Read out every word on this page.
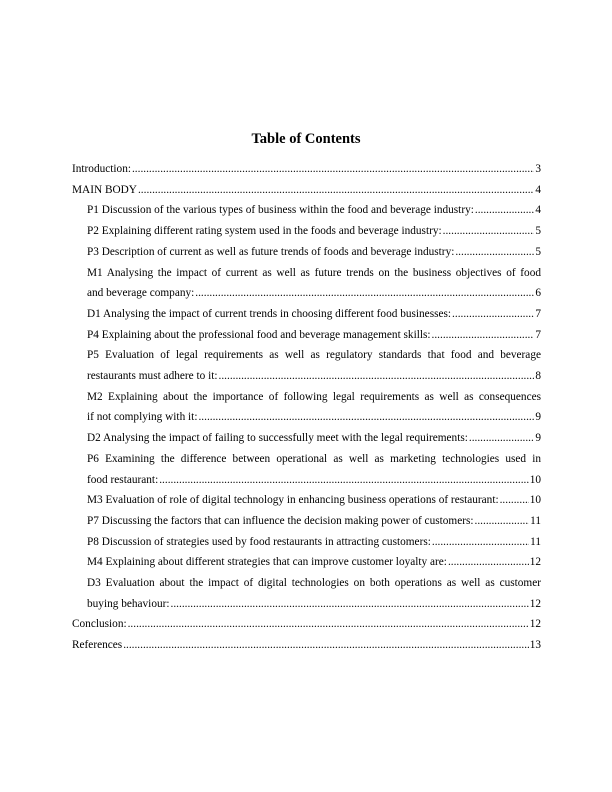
Table of Contents
Introduction: .....	3
MAIN BODY .....	4
P1 Discussion of the various types of business within the food and beverage industry: .....	4
P2 Explaining different rating system used in the foods and beverage industry: .....	5
P3 Description of current as well as future trends of foods and beverage industry: .....	5
M1 Analysing the impact of current as well as future trends on the business objectives of food
and beverage company: .....	6
D1 Analysing the impact of current trends in choosing different food businesses: .....	7
P4 Explaining about the professional food and beverage management skills: .....	7
P5 Evaluation of legal requirements as well as regulatory standards that food and beverage
restaurants must adhere to it: .....	8
M2 Explaining about the importance of following legal requirements as well as consequences
if not complying with it: .....	9
D2 Analysing the impact of failing to successfully meet with the legal requirements: .....	9
P6 Examining the difference between operational as well as marketing technologies used in
food restaurant: .....	10
M3 Evaluation of role of digital technology in enhancing business operations of restaurant: .....	10
P7 Discussing the factors that can influence the decision making power of customers: .....	11
P8 Discussion of strategies used by food restaurants in attracting customers: .....	11
M4 Explaining about different strategies that can improve customer loyalty are: .....	12
D3 Evaluation about the impact of digital technologies on both operations as well as customer
buying behaviour: .....	12
Conclusion: .....	12
References .....	13
